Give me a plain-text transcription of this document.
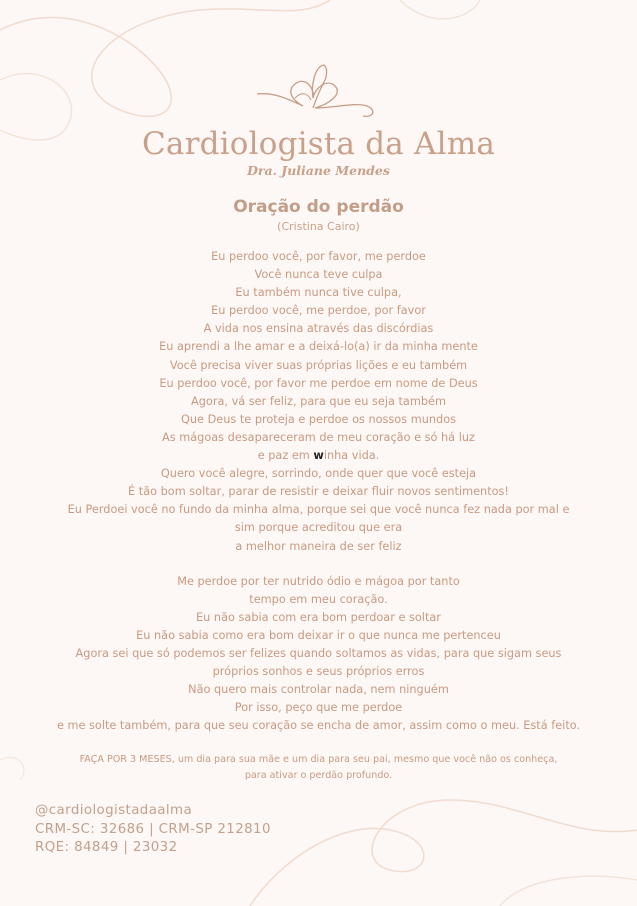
Cardiologista da Alma
Dra. Juliane Mendes
Oração do perdão
(Cristina Cairo)
Eu perdoo você, por favor, me perdoe
Você nunca teve culpa
Eu também nunca tive culpa,
Eu perdoo você, me perdoe, por favor
A vida nos ensina através das discórdias
Eu aprendi a lhe amar e a deixá-lo(a) ir da minha mente
Você precisa viver suas próprias lições e eu também
Eu perdoo você, por favor me perdoe em nome de Deus
Agora, vá ser feliz, para que eu seja também
Que Deus te proteja e perdoe os nossos mundos
As mágoas desapareceram de meu coração e só há luz
e paz em winha vida.
Quero você alegre, sorrindo, onde quer que você esteja
É tão bom soltar, parar de resistir e deixar fluir novos sentimentos!
Eu Perdoei você no fundo da minha alma, porque sei que você nunca fez nada por mal e
sim porque acreditou que era
a melhor maneira de ser feliz
Me perdoe por ter nutrido ódio e mágoa por tanto
tempo em meu coração.
Eu não sabia com era bom perdoar e soltar
Eu não sabia como era bom deixar ir o que nunca me pertenceu
Agora sei que só podemos ser felizes quando soltamos as vidas, para que sigam seus
próprios sonhos e seus próprios erros
Não quero mais controlar nada, nem ninguém
Por isso, peço que me perdoe
e me solte também, para que seu coração se encha de amor, assim como o meu. Está feito.
FAÇA POR 3 MESES, um dia para sua mãe e um dia para seu pai, mesmo que você não os conheça,
para ativar o perdão profundo.
@cardiologistadaalma
CRM-SC: 32686 | CRM-SP 212810
RQE: 84849 | 23032
